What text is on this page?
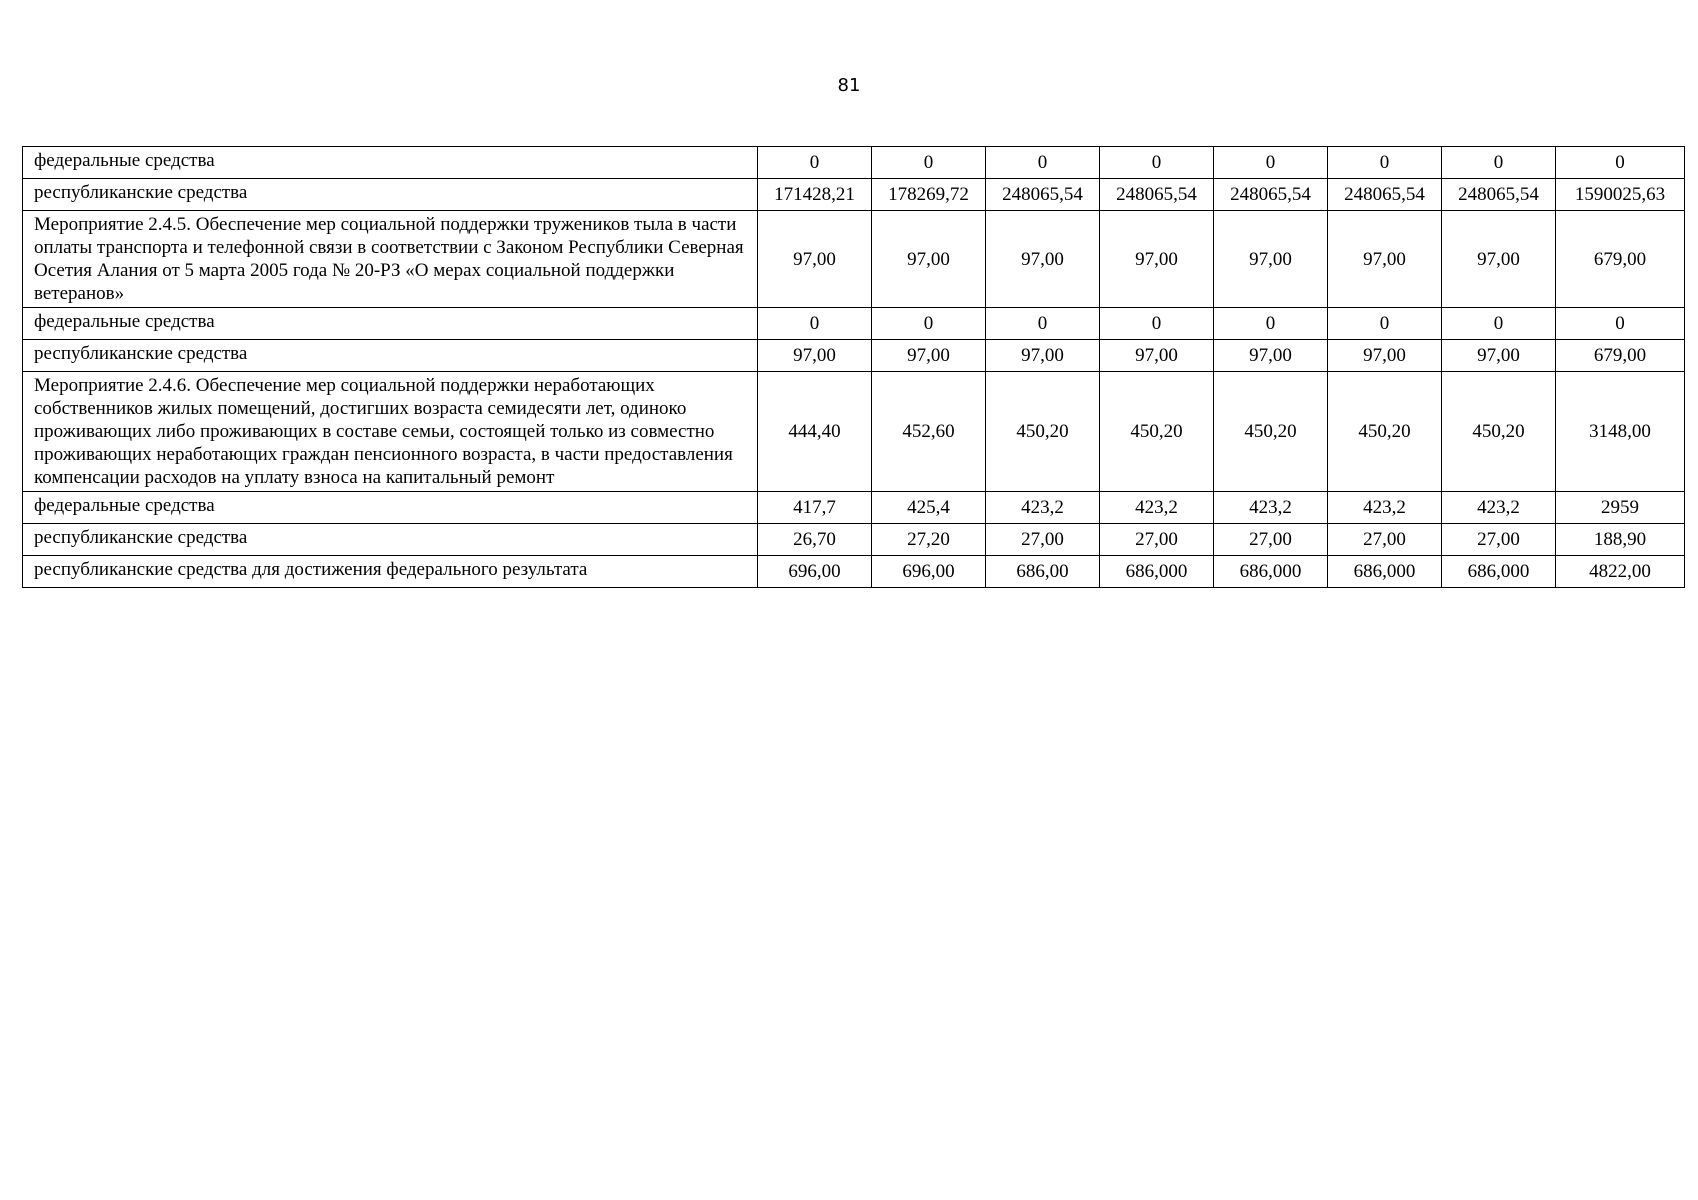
81
федеральные средства	0	0	0	0	0	0	0	0
республиканские средства	171428,21	178269,72	248065,54	248065,54	248065,54	248065,54	248065,54	1590025,63
Мероприятие 2.4.5. Обеспечение мер социальной поддержки тружеников тыла в части оплаты транспорта и телефонной связи в соответствии с Законом Республики Северная Осетия Алания от 5 марта 2005 года № 20-РЗ «О мерах социальной поддержки ветеранов»	97,00	97,00	97,00	97,00	97,00	97,00	97,00	679,00
федеральные средства	0	0	0	0	0	0	0	0
республиканские средства	97,00	97,00	97,00	97,00	97,00	97,00	97,00	679,00
Мероприятие 2.4.6. Обеспечение мер социальной поддержки неработающих собственников жилых помещений, достигших возраста семидесяти лет, одиноко проживающих либо проживающих в составе семьи, состоящей только из совместно проживающих неработающих граждан пенсионного возраста, в части предоставления компенсации расходов на уплату взноса на капитальный ремонт	444,40	452,60	450,20	450,20	450,20	450,20	450,20	3148,00
федеральные средства	417,7	425,4	423,2	423,2	423,2	423,2	423,2	2959
республиканские средства	26,70	27,20	27,00	27,00	27,00	27,00	27,00	188,90
республиканские средства для достижения федерального результата	696,00	696,00	686,00	686,000	686,000	686,000	686,000	4822,00
